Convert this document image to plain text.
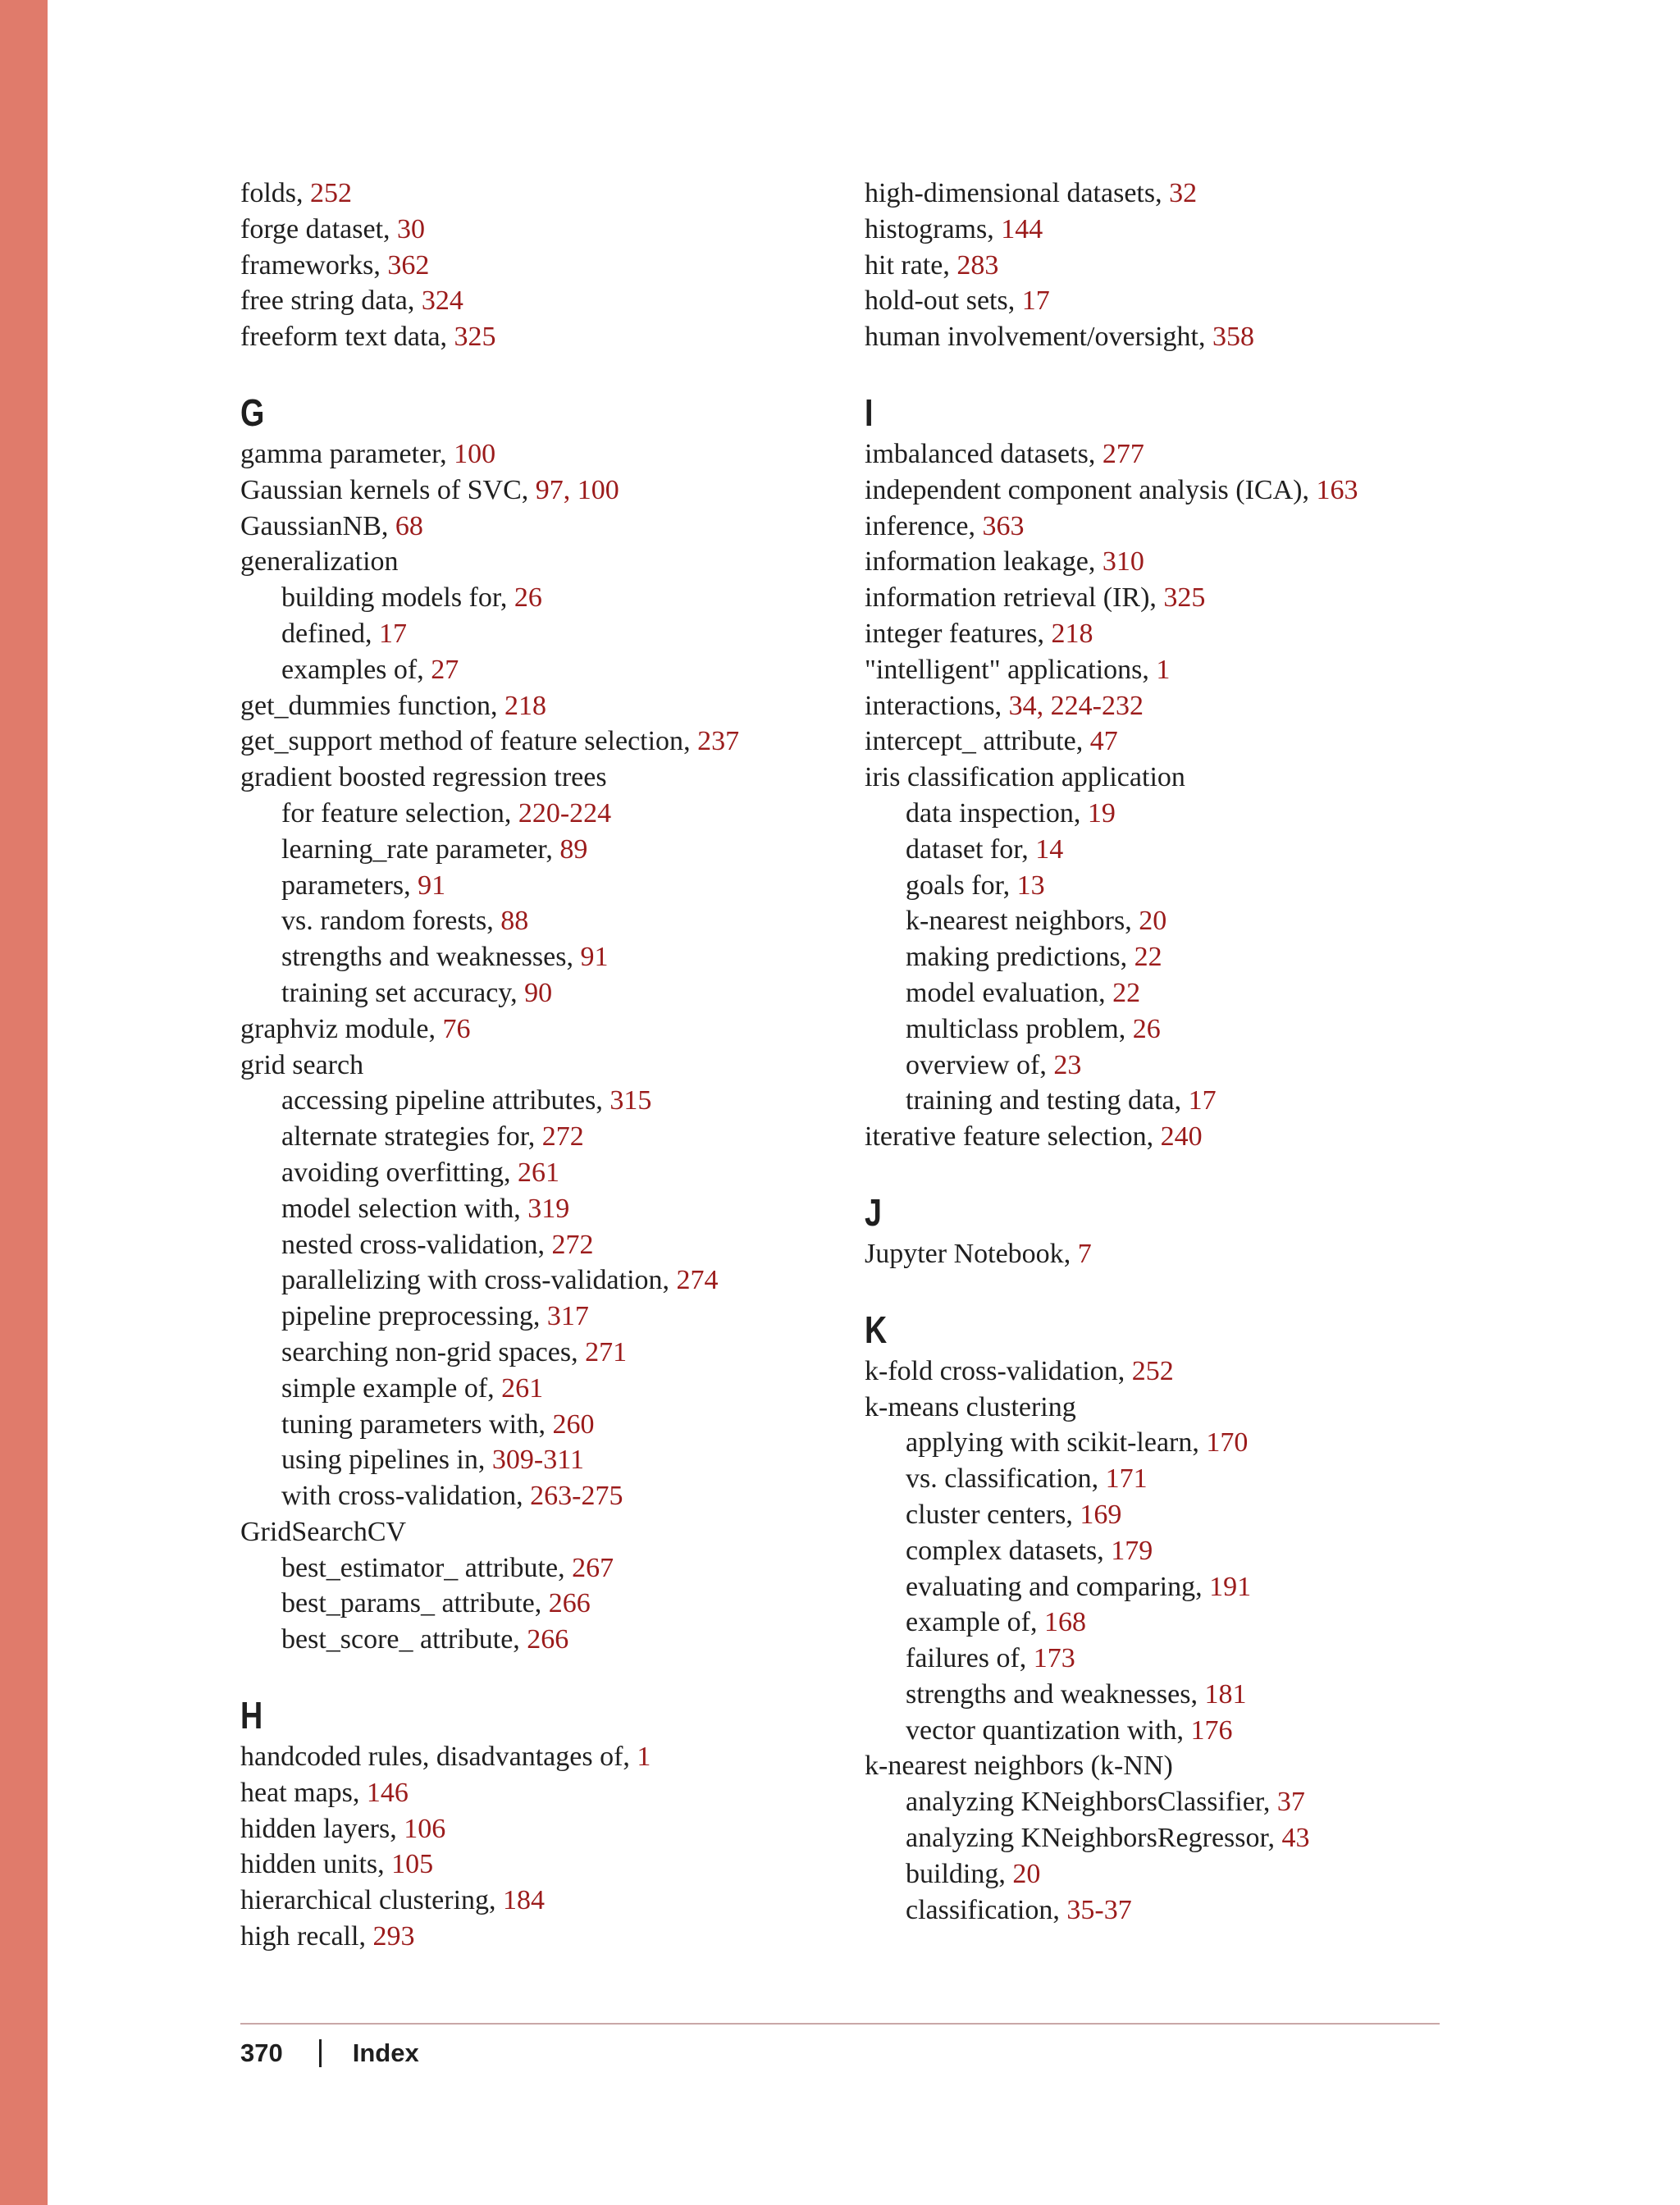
folds, 252
forge dataset, 30
frameworks, 362
free string data, 324
freeform text data, 325
G
gamma parameter, 100
Gaussian kernels of SVC, 97, 100
GaussianNB, 68
generalization
building models for, 26
defined, 17
examples of, 27
get_dummies function, 218
get_support method of feature selection, 237
gradient boosted regression trees
for feature selection, 220-224
learning_rate parameter, 89
parameters, 91
vs. random forests, 88
strengths and weaknesses, 91
training set accuracy, 90
graphviz module, 76
grid search
accessing pipeline attributes, 315
alternate strategies for, 272
avoiding overfitting, 261
model selection with, 319
nested cross-validation, 272
parallelizing with cross-validation, 274
pipeline preprocessing, 317
searching non-grid spaces, 271
simple example of, 261
tuning parameters with, 260
using pipelines in, 309-311
with cross-validation, 263-275
GridSearchCV
best_estimator_ attribute, 267
best_params_ attribute, 266
best_score_ attribute, 266
H
handcoded rules, disadvantages of, 1
heat maps, 146
hidden layers, 106
hidden units, 105
hierarchical clustering, 184
high recall, 293
high-dimensional datasets, 32
histograms, 144
hit rate, 283
hold-out sets, 17
human involvement/oversight, 358
I
imbalanced datasets, 277
independent component analysis (ICA), 163
inference, 363
information leakage, 310
information retrieval (IR), 325
integer features, 218
"intelligent" applications, 1
interactions, 34, 224-232
intercept_ attribute, 47
iris classification application
data inspection, 19
dataset for, 14
goals for, 13
k-nearest neighbors, 20
making predictions, 22
model evaluation, 22
multiclass problem, 26
overview of, 23
training and testing data, 17
iterative feature selection, 240
J
Jupyter Notebook, 7
K
k-fold cross-validation, 252
k-means clustering
applying with scikit-learn, 170
vs. classification, 171
cluster centers, 169
complex datasets, 179
evaluating and comparing, 191
example of, 168
failures of, 173
strengths and weaknesses, 181
vector quantization with, 176
k-nearest neighbors (k-NN)
analyzing KNeighborsClassifier, 37
analyzing KNeighborsRegressor, 43
building, 20
classification, 35-37
370	Index
